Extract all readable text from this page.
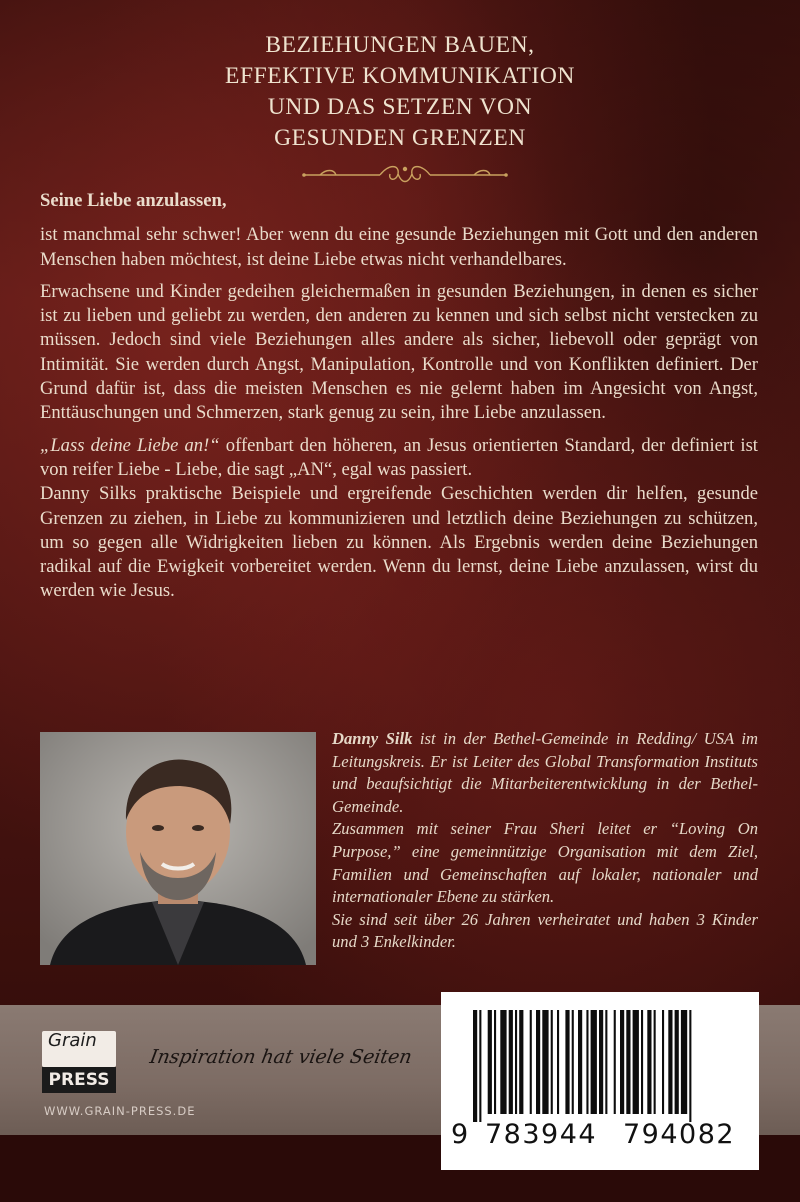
BEZIEHUNGEN BAUEN,
EFFEKTIVE KOMMUNIKATION
UND DAS SETZEN VON
GESUNDEN GRENZEN

Seine Liebe anzulassen,

ist manchmal sehr schwer! Aber wenn du eine gesunde Beziehungen mit Gott und den anderen Menschen haben möchtest, ist deine Liebe etwas nicht verhandelbares.

Erwachsene und Kinder gedeihen gleichermaßen in gesunden Beziehungen, in denen es sicher ist zu lieben und geliebt zu werden, den anderen zu kennen und sich selbst nicht verstecken zu müssen. Jedoch sind viele Beziehungen alles andere als sicher, liebevoll oder geprägt von Intimität. Sie werden durch Angst, Manipulation, Kontrolle und von Konflikten definiert. Der Grund dafür ist, dass die meisten Menschen es nie gelernt haben im Angesicht von Angst, Enttäuschungen und Schmerzen, stark genug zu sein, ihre Liebe anzulassen.

„Lass deine Liebe an!“ offenbart den höheren, an Jesus orientierten Standard, der definiert ist von reifer Liebe - Liebe, die sagt „AN“, egal was passiert.

Danny Silks praktische Beispiele und ergreifende Geschichten werden dir helfen, gesunde Grenzen zu ziehen, in Liebe zu kommunizieren und letztlich deine Beziehungen zu schützen, um so gegen alle Widrigkeiten lieben zu können. Als Ergebnis werden deine Beziehungen radikal auf die Ewigkeit vorbereitet werden. Wenn du lernst, deine Liebe anzulassen, wirst du werden wie Jesus.

Danny Silk ist in der Bethel-Gemeinde in Redding/ USA im Leitungskreis. Er ist Leiter des Global Transformation Instituts und beaufsichtigt die Mitarbeiterentwicklung in der Bethel-Gemeinde.

Zusammen mit seiner Frau Sheri leitet er “Loving On Purpose,” eine gemeinnützige Organisation mit dem Ziel, Familien und Gemeinschaften auf lokaler, nationaler und internationaler Ebene zu stärken.

Sie sind seit über 26 Jahren verheiratet und haben 3 Kinder und 3 Enkelkinder.

Grain
PRESS
Inspiration hat viele Seiten
WWW.GRAIN-PRESS.DE
9 783944 794082
